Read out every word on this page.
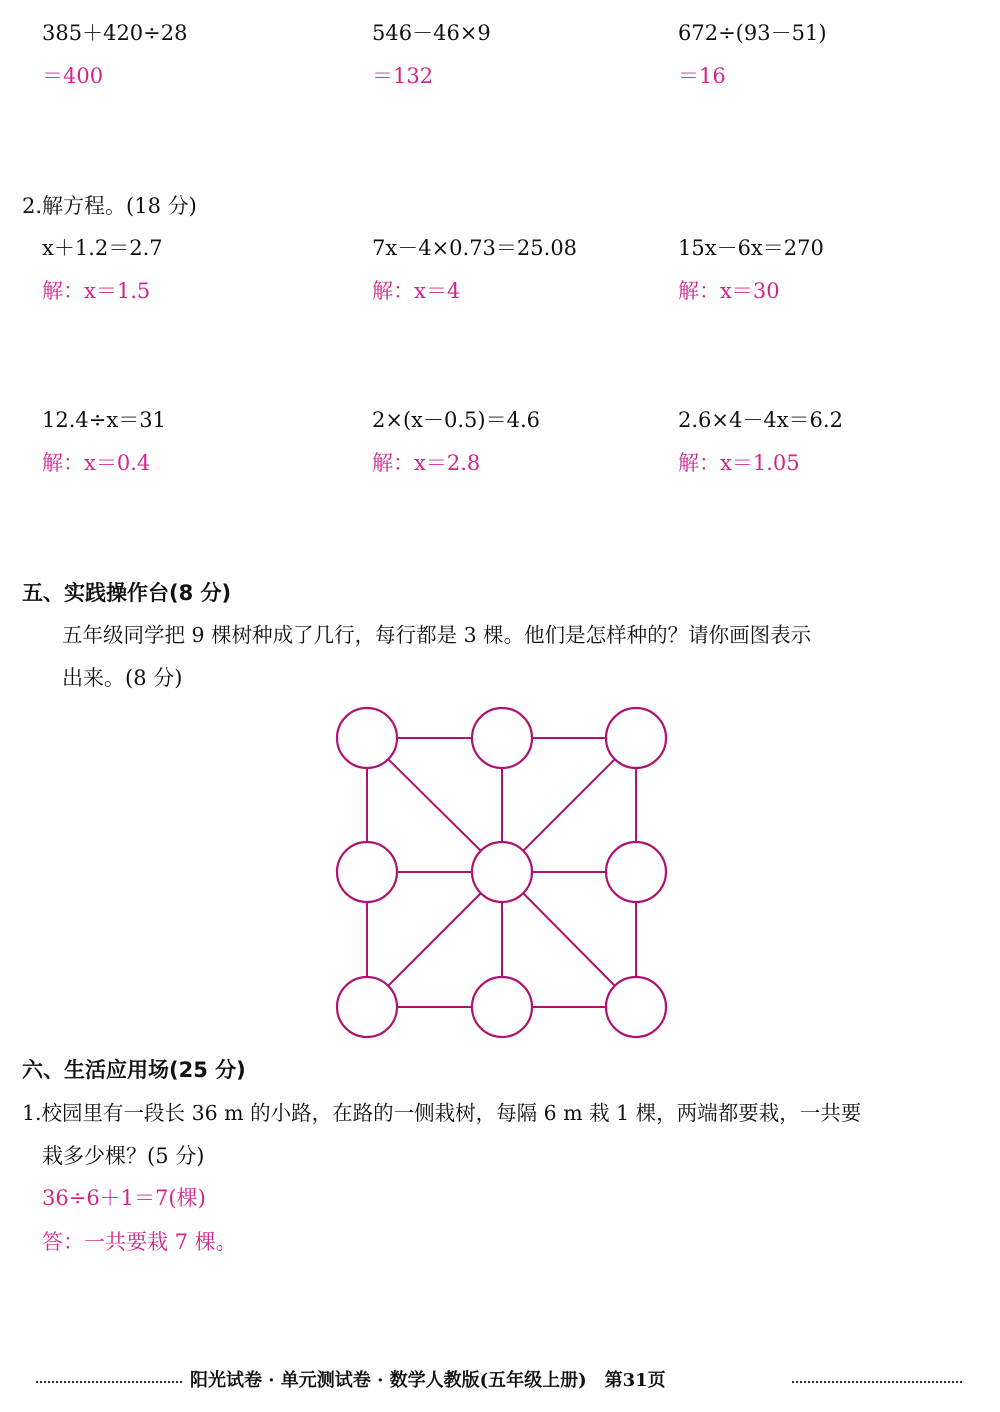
385＋420÷28
＝400
546－46×9
＝132
672÷(93－51)
＝16
2.解方程。(18 分)
x＋1.2＝2.7
解：x＝1.5
7x－4×0.73＝25.08
解：x＝4
15x－6x＝270
解：x＝30
12.4÷x＝31
解：x＝0.4
2×(x－0.5)＝4.6
解：x＝2.8
2.6×4－4x＝6.2
解：x＝1.05
五、实践操作台(8 分)
五年级同学把 9 棵树种成了几行，每行都是 3 棵。他们是怎样种的？请你画图表示
出来。(8 分)
六、生活应用场(25 分)
1.校园里有一段长 36 m 的小路，在路的一侧栽树，每隔 6 m 栽 1 棵，两端都要栽，一共要
栽多少棵？(5 分)
36÷6＋1＝7(棵)
答：一共要栽 7 棵。
阳光试卷 · 单元测试卷 · 数学人教版(五年级上册)　第31页
